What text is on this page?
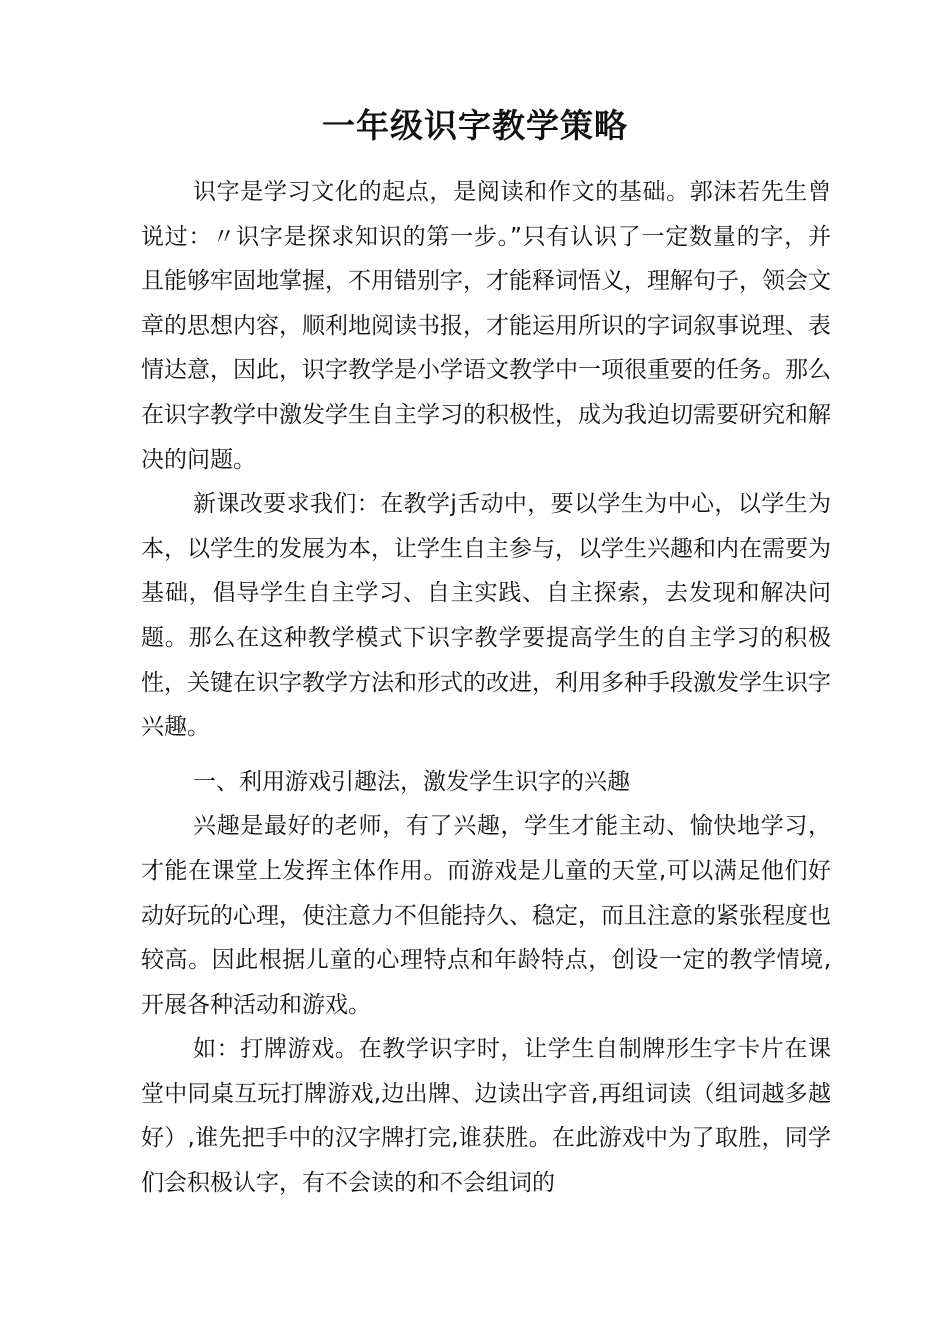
一年级识字教学策略

识字是学习文化的起点，是阅读和作文的基础。郭沫若先生曾说过：〃识字是探求知识的第一步。”只有认识了一定数量的字，并且能够牢固地掌握，不用错别字，才能释词悟义，理解句子，领会文章的思想内容，顺利地阅读书报，才能运用所识的字词叙事说理、表情达意，因此，识字教学是小学语文教学中一项很重要的任务。那么在识字教学中激发学生自主学习的积极性，成为我迫切需要研究和解决的问题。

新课改要求我们：在教学j舌动中，要以学生为中心，以学生为本，以学生的发展为本，让学生自主参与，以学生兴趣和内在需要为基础，倡导学生自主学习、自主实践、自主探索，去发现和解决问题。那么在这种教学模式下识字教学要提高学生的自主学习的积极性，关键在识字教学方法和形式的改进，利用多种手段激发学生识字兴趣。

一、利用游戏引趣法，激发学生识字的兴趣

兴趣是最好的老师，有了兴趣，学生才能主动、愉快地学习，才能在课堂上发挥主体作用。而游戏是儿童的天堂,可以满足他们好动好玩的心理，使注意力不但能持久、稳定，而且注意的紧张程度也较高。因此根据儿童的心理特点和年龄特点，创设一定的教学情境,开展各种活动和游戏。

如：打牌游戏。在教学识字时，让学生自制牌形生字卡片在课堂中同桌互玩打牌游戏,边出牌、边读出字音,再组词读（组词越多越好）,谁先把手中的汉字牌打完,谁获胜。在此游戏中为了取胜，同学们会积极认字，有不会读的和不会组词的
